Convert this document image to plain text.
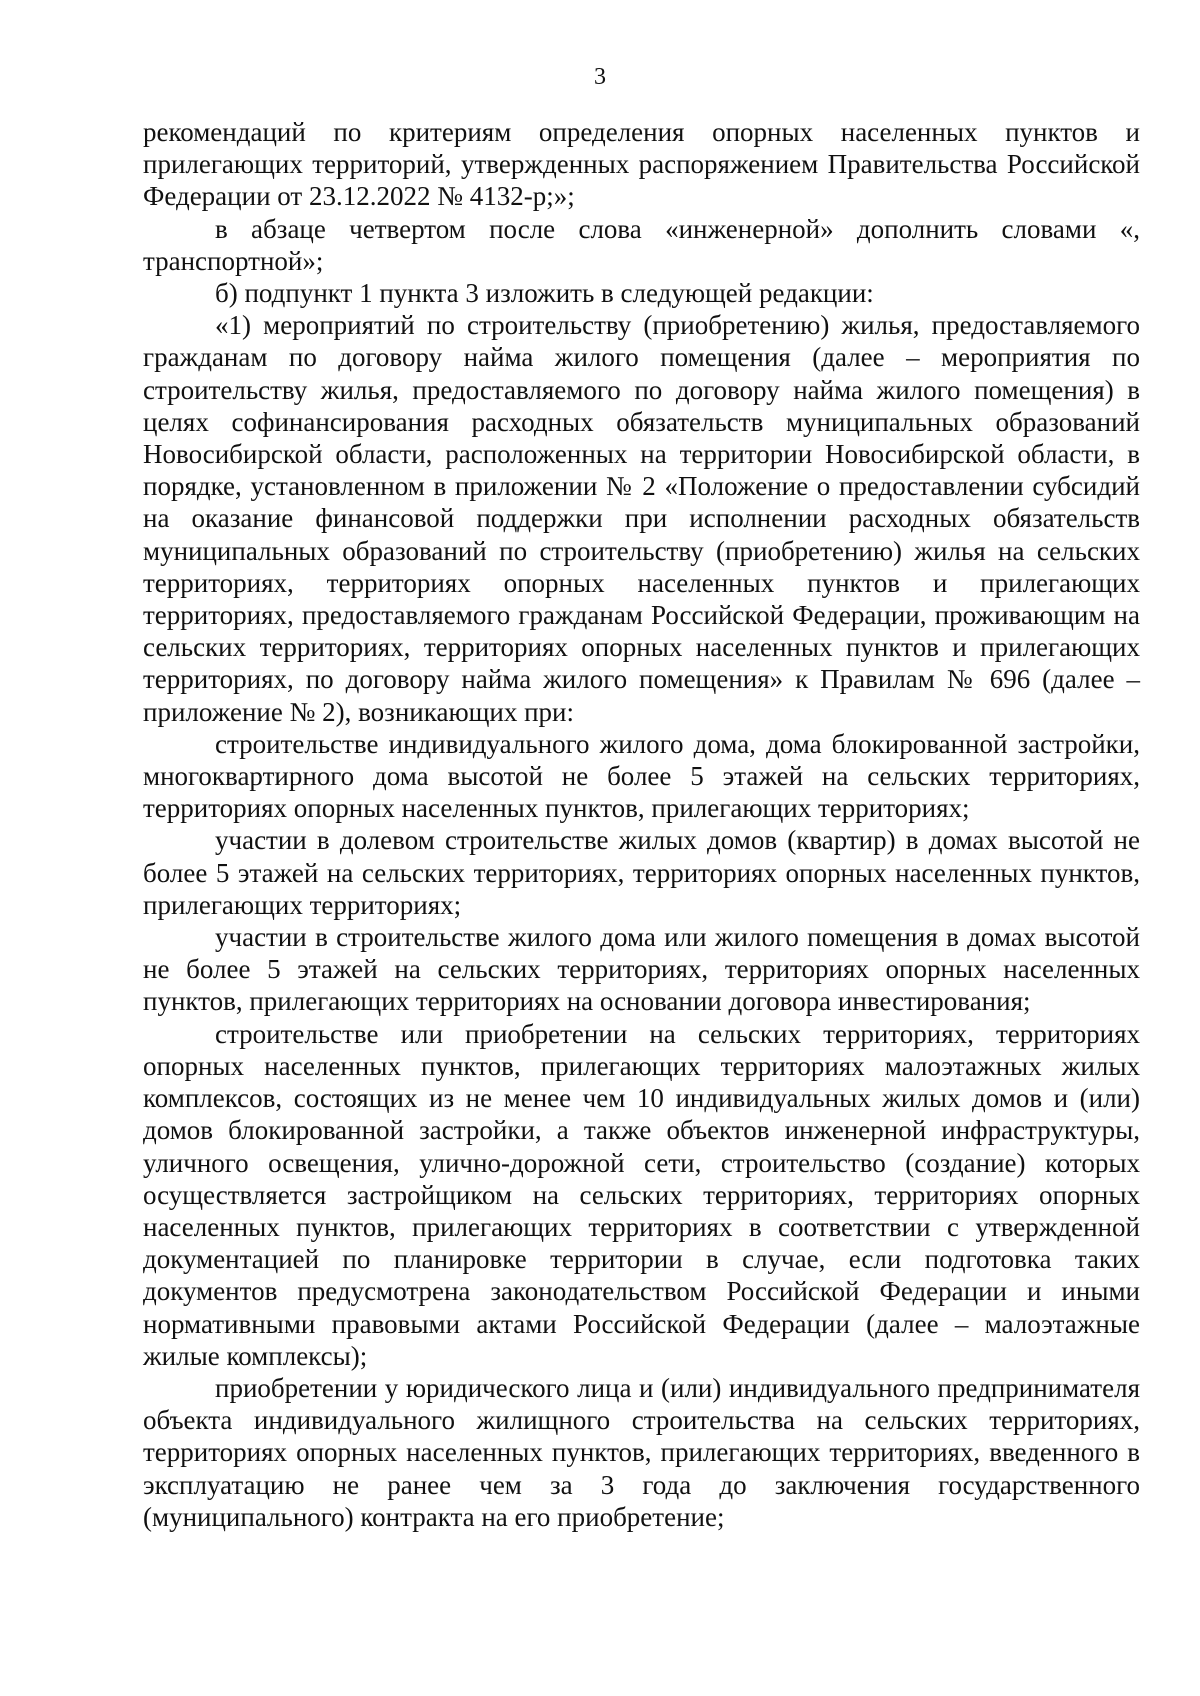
3

рекомендаций по критериям определения опорных населенных пунктов и прилегающих территорий, утвержденных распоряжением Правительства Российской Федерации от 23.12.2022 № 4132-р;»;

в абзаце четвертом после слова «инженерной» дополнить словами «, транспортной»;

б) подпункт 1 пункта 3 изложить в следующей редакции:

«1) мероприятий по строительству (приобретению) жилья, предоставляемого гражданам по договору найма жилого помещения (далее – мероприятия по строительству жилья, предоставляемого по договору найма жилого помещения) в целях софинансирования расходных обязательств муниципальных образований Новосибирской области, расположенных на территории Новосибирской области, в порядке, установленном в приложении № 2 «Положение о предоставлении субсидий на оказание финансовой поддержки при исполнении расходных обязательств муниципальных образований по строительству (приобретению) жилья на сельских территориях, территориях опорных населенных пунктов и прилегающих территориях, предоставляемого гражданам Российской Федерации, проживающим на сельских территориях, территориях опорных населенных пунктов и прилегающих территориях, по договору найма жилого помещения» к Правилам № 696 (далее – приложение № 2), возникающих при:

строительстве индивидуального жилого дома, дома блокированной застройки, многоквартирного дома высотой не более 5 этажей на сельских территориях, территориях опорных населенных пунктов, прилегающих территориях;

участии в долевом строительстве жилых домов (квартир) в домах высотой не более 5 этажей на сельских территориях, территориях опорных населенных пунктов, прилегающих территориях;

участии в строительстве жилого дома или жилого помещения в домах высотой не более 5 этажей на сельских территориях, территориях опорных населенных пунктов, прилегающих территориях на основании договора инвестирования;

строительстве или приобретении на сельских территориях, территориях опорных населенных пунктов, прилегающих территориях малоэтажных жилых комплексов, состоящих из не менее чем 10 индивидуальных жилых домов и (или) домов блокированной застройки, а также объектов инженерной инфраструктуры, уличного освещения, улично-дорожной сети, строительство (создание) которых осуществляется застройщиком на сельских территориях, территориях опорных населенных пунктов, прилегающих территориях в соответствии с утвержденной документацией по планировке территории в случае, если подготовка таких документов предусмотрена законодательством Российской Федерации и иными нормативными правовыми актами Российской Федерации (далее – малоэтажные жилые комплексы);

приобретении у юридического лица и (или) индивидуального предпринимателя объекта индивидуального жилищного строительства на сельских территориях, территориях опорных населенных пунктов, прилегающих территориях, введенного в эксплуатацию не ранее чем за 3 года до заключения государственного (муниципального) контракта на его приобретение;
